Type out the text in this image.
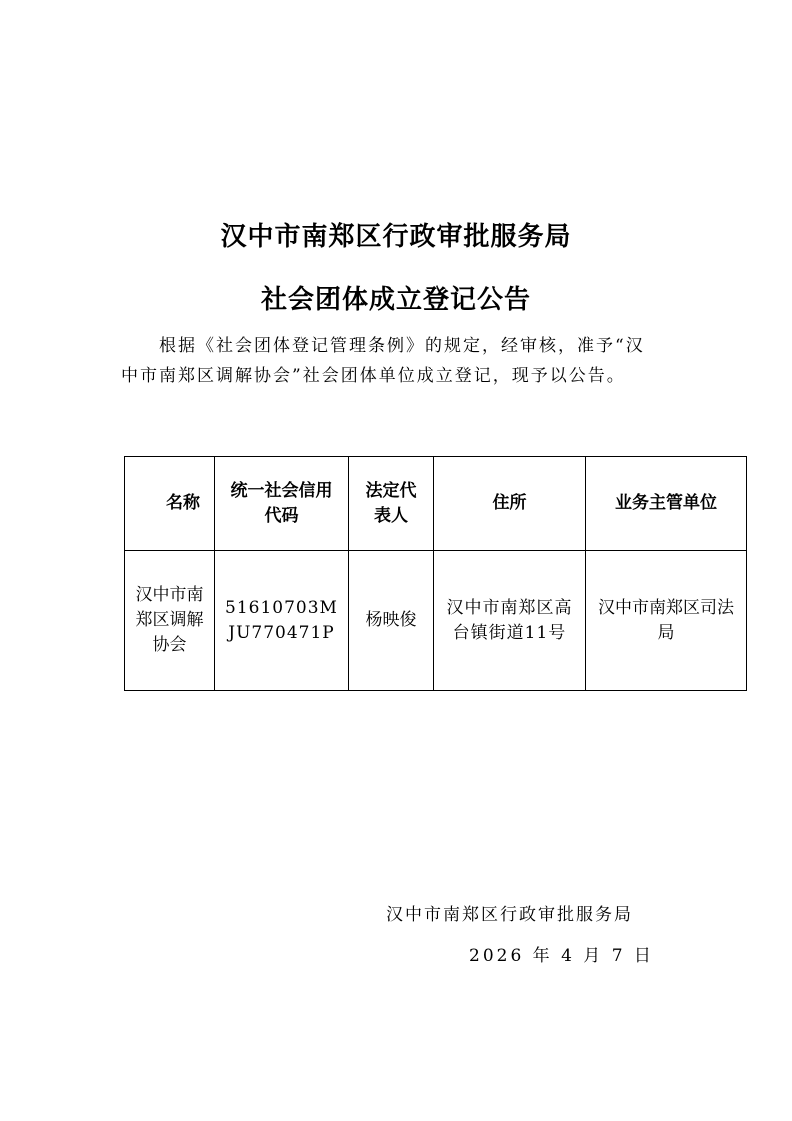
汉中市南郑区行政审批服务局
社会团体成立登记公告

根据《社会团体登记管理条例》的规定，经审核，准予“汉中市南郑区调解协会”社会团体单位成立登记，现予以公告。

名称	统一社会信用代码	法定代表人	住所	业务主管单位
汉中市南郑区调解协会	51610703MJU770471P	杨映俊	汉中市南郑区高台镇街道11号	汉中市南郑区司法局
汉中市南郑区行政审批服务局
2026 年 4 月 7 日
